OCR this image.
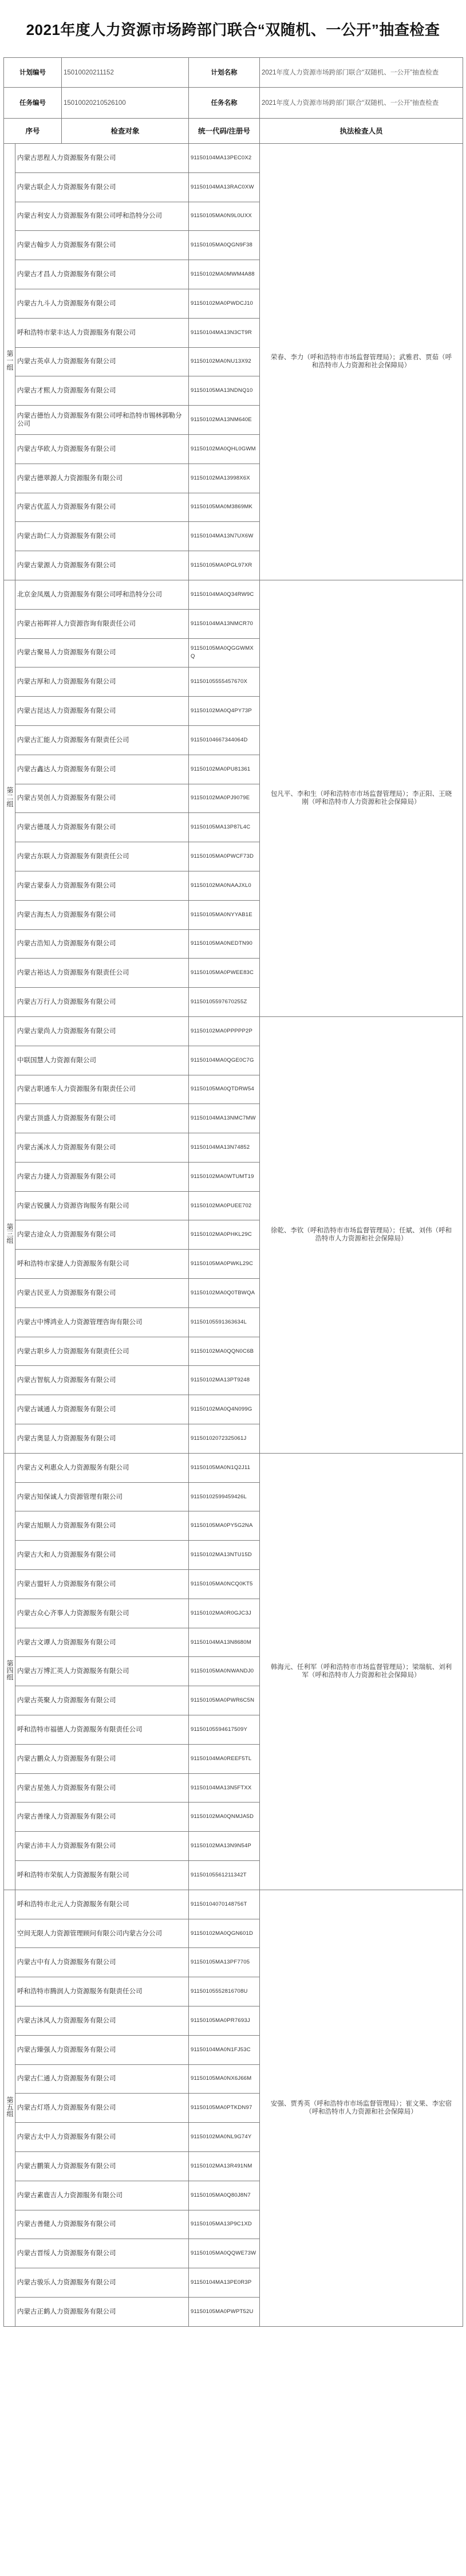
2021年度人力资源市场跨部门联合“双随机、一公开”抽查检查
计划编号		15010020211152	计划名称	2021年度人力资源市场跨部门联合“双随机、一公开”抽查检查
任务编号		15010020210526100	任务名称	2021年度人力资源市场跨部门联合“双随机、一公开”抽查检查
序号		检查对象	统一代码/注册号	执法检查人员
第一组	内蒙古思程人力资源服务有限公司		91150104MA13PEC0X2	荣春、李力（呼和浩特市市场监督管理局）；武雅君、贾茹（呼和浩特市人力资源和社会保障局）
	内蒙古联企人力资源服务有限公司		91150104MA13RAC0XW	
	内蒙古利安人力资源服务有限公司呼和浩特分公司		91150105MA0N9L0UXX	
	内蒙古翰步人力资源服务有限公司		91150105MA0QGN9F38	
	内蒙古才昌人力资源服务有限公司		91150102MA0MWM4A88	
	内蒙古九斗人力资源服务有限公司		91150102MA0PWDCJ10	
	呼和浩特市蒙丰达人力资源服务有限公司		91150104MA13N3CT9R	
	内蒙古英卓人力资源服务有限公司		91150102MA0NU13X92	
	内蒙古才熙人力资源服务有限公司		91150105MA13NDNQ10	
	内蒙古德怡人力资源服务有限公司呼和浩特市锡林郭勒分公司		91150102MA13NM640E	
	内蒙古华欧人力资源服务有限公司		91150102MA0QHL0GWM	
	内蒙古德翠源人力资源服务有限公司		91150102MA13998X6X	
	内蒙古优蓝人力资源服务有限公司		91150105MA0M3869MK	
	内蒙古助仁人力资源服务有限公司		91150104MA13N7UX6W	
	内蒙古蒙源人力资源服务有限公司		91150105MA0PGL97XR	
第二组	北京金凤凰人力资源服务有限公司呼和浩特分公司		91150104MA0Q34RW9C	包凡平、李和生（呼和浩特市市场监督管理局）；李正阳、王晓刚（呼和浩特市人力资源和社会保障局）
	内蒙古裕晖祥人力资源咨询有限责任公司		91150104MA13NMCR70	
	内蒙古聚易人力资源服务有限公司		91150105MA0QGGWMXQ	
	内蒙古厚和人力资源服务有限公司		91150105555457670X	
	内蒙古昆达人力资源服务有限公司		91150102MA0Q4PY73P	
	内蒙古汇能人力资源服务有限责任公司		91150104667344064D	
	内蒙古鑫达人力资源服务有限公司		91150102MA0PU81361	
	内蒙古昊创人力资源服务有限公司		91150102MA0PJ9079E	
	内蒙古德晟人力资源服务有限公司		91150105MA13P87L4C	
	内蒙古东联人力资源服务有限责任公司		91150105MA0PWCF73D	
	内蒙古蒙泰人力资源服务有限公司		91150102MA0NAAJXL0	
	内蒙古海杰人力资源服务有限公司		91150105MA0NYYAB1E	
	内蒙古浩知人力资源服务有限公司		91150105MA0NEDTN90	
	内蒙古裕达人力资源服务有限责任公司		91150105MA0PWEE83C	
	内蒙古万行人力资源服务有限公司		91150105597670255Z	
第三组	内蒙古蒙尚人力资源服务有限公司		91150102MA0PPPPP2P	徐乾、李钦（呼和浩特市市场监督管理局）；任斌、刘伟（呼和浩特市人力资源和社会保障局）
	中联国慧人力资源有限公司		91150104MA0QGE0C7G	
	内蒙古职通车人力资源服务有限责任公司		91150105MA0QTDRW54	
	内蒙古顶盛人力资源服务有限公司		91150104MA13NMC7MW	
	内蒙古溪冰人力资源服务有限公司		91150104MA13N74852	
	内蒙古力捷人力资源服务有限公司		91150102MA0WTUMT19	
	内蒙古锐骥人力资源咨询服务有限公司		91150102MA0PUEE702	
	内蒙古途众人力资源服务有限公司		91150102MA0PHKL29C	
	呼和浩特市家捷人力资源服务有限公司		91150105MA0PWKL29C	
	内蒙古民亚人力资源服务有限公司		91150102MA0Q0TBWQA	
	内蒙古中博鸿业人力资源管理咨询有限公司		91150105591363634L	
	内蒙古职乡人力资源服务有限责任公司		91150102MA0QQN0C6B	
	内蒙古智航人力资源服务有限公司		91150102MA13PT9248	
	内蒙古诚通人力资源服务有限公司		91150102MA0Q4N099G	
	内蒙古奥显人力资源服务有限公司		91150102072325061J	
第四组	内蒙古义利惠众人力资源服务有限公司		91150105MA0N1Q2J11	韩海元、任利军（呼和浩特市市场监督管理局）；梁瑞航、刘利军（呼和浩特市人力资源和社会保障局）
	内蒙古知保诚人力资源管理有限公司		91150102599459426L	
	内蒙古旭顺人力资源服务有限公司		91150105MA0PY5G2NA	
	内蒙古大和人力资源服务有限公司		91150102MA13NTU15D	
	内蒙古盟轩人力资源服务有限公司		91150105MA0NCQ0KT5	
	内蒙古众心齐事人力资源服务有限公司		91150102MA0R0GJC3J	
	内蒙古文谭人力资源服务有限公司		91150104MA13N8680M	
	内蒙古万博汇英人力资源服务有限公司		91150105MA0NWANDJ0	
	内蒙古英聚人力资源服务有限公司		91150105MA0PWR6C5N	
	呼和浩特市福德人力资源服务有限责任公司		91150105594617509Y	
	内蒙古鹏众人力资源服务有限公司		91150104MA0REEF5TL	
	内蒙古星弛人力资源服务有限公司		91150104MA13N5FTXX	
	内蒙古善缘人力资源服务有限公司		91150102MA0QNMJA5D	
	内蒙古沛丰人力资源服务有限公司		91150102MA13N9N54P	
	呼和浩特市荣航人力资源服务有限公司		91150105561211342T	
第五组	呼和浩特市北元人力资源服务有限公司		91150104070148756T	安强、贾秀英（呼和浩特市市场监督管理局）；崔文果、李宏宿（呼和浩特市人力资源和社会保障局）
	空间无限人力资源管理顾问有限公司内蒙古分公司		91150102MA0QGN601D	
	内蒙古中有人力资源服务有限公司		91150105MA13PF7705	
	呼和浩特市腾润人力资源服务有限责任公司		91150105552816708U	
	内蒙古沐风人力资源服务有限公司		91150105MA0PR7693J	
	内蒙古臻强人力资源服务有限公司		91150104MA0N1FJ53C	
	内蒙古仁通人力资源服务有限公司		91150105MA0NX6J66M	
	内蒙古灯塔人力资源服务有限公司		91150105MA0PTKDN97	
	内蒙古太中人力资源服务有限公司		91150102MA0NL9G74Y	
	内蒙古鹏策人力资源服务有限公司		91150102MA13R491NM	
	内蒙古素鹿吉人力资源服务有限公司		91150105MA0Q80J8N7	
	内蒙古善健人力资源服务有限公司		91150105MA13P9C1XD	
	内蒙古晋绥人力资源服务有限公司		91150105MA0QQWE73W	
	内蒙古骏乐人力资源服务有限公司		91150104MA13PE0R3P	
	内蒙古正鹤人力资源服务有限公司		91150105MA0PWPT52U	
